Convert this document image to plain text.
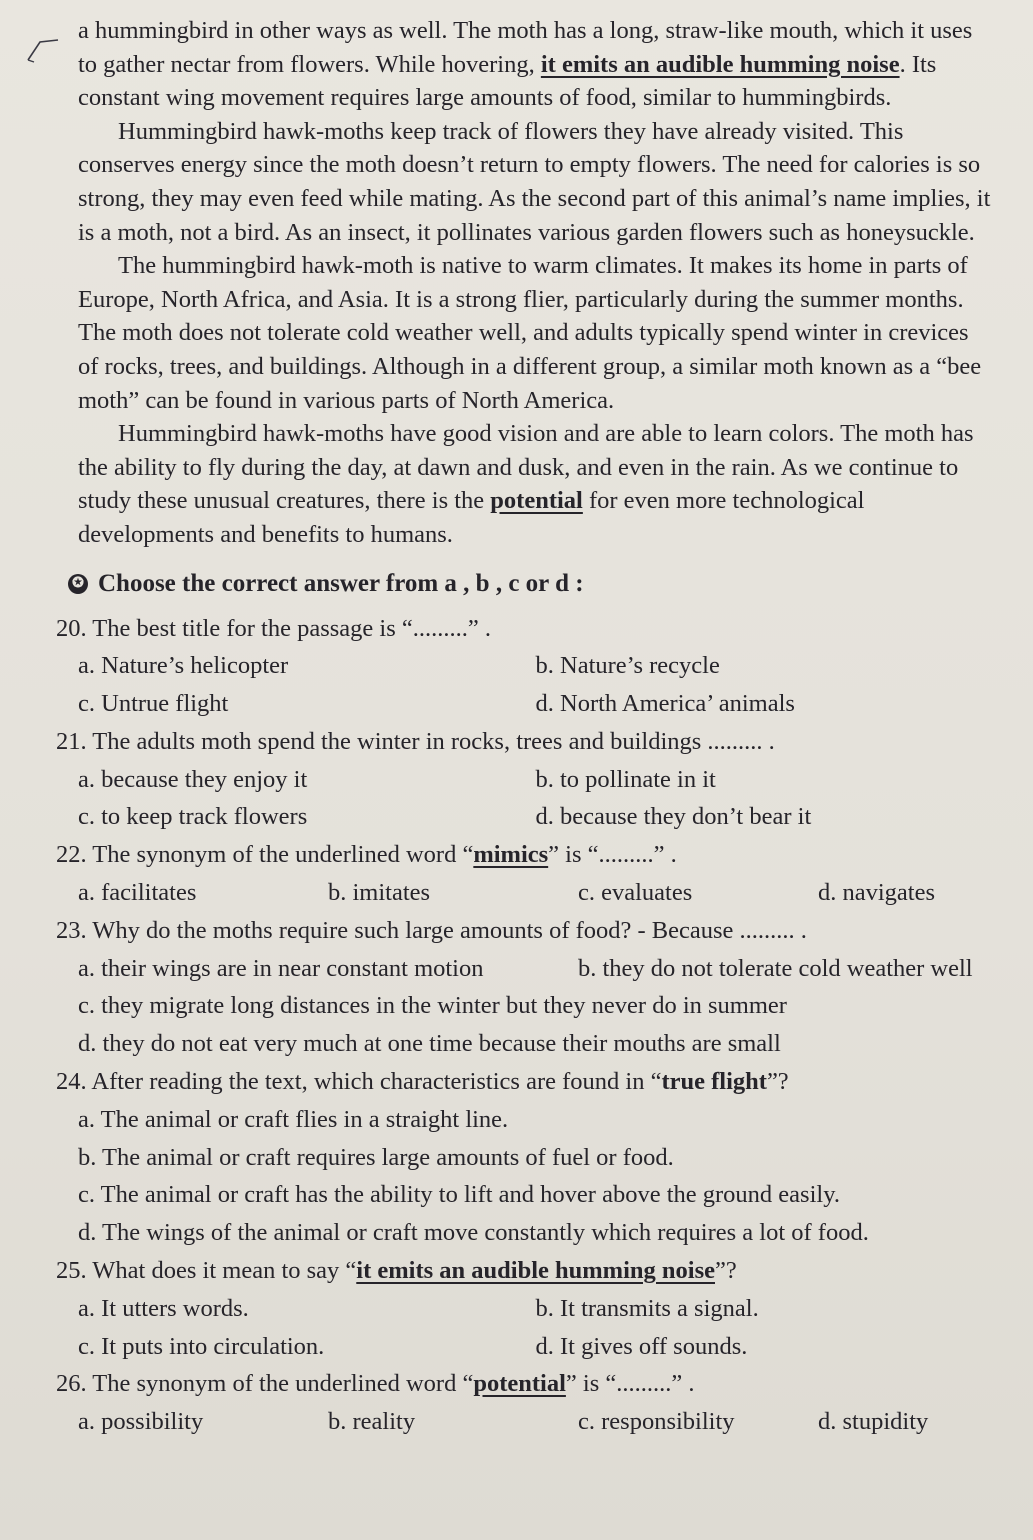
a hummingbird in other ways as well. The moth has a long, straw-like mouth, which it uses to gather nectar from flowers. While hovering, it emits an audible humming noise. Its constant wing movement requires large amounts of food, similar to hummingbirds.

Hummingbird hawk-moths keep track of flowers they have already visited. This conserves energy since the moth doesn’t return to empty flowers. The need for calories is so strong, they may even feed while mating. As the second part of this animal’s name implies, it is a moth, not a bird. As an insect, it pollinates various garden flowers such as honeysuckle.

The hummingbird hawk-moth is native to warm climates. It makes its home in parts of Europe, North Africa, and Asia. It is a strong flier, particularly during the summer months. The moth does not tolerate cold weather well, and adults typically spend winter in crevices of rocks, trees, and buildings. Although in a different group, a similar moth known as a “bee moth” can be found in various parts of North America.

Hummingbird hawk-moths have good vision and are able to learn colors. The moth has the ability to fly during the day, at dawn and dusk, and even in the rain. As we continue to study these unusual creatures, there is the potential for even more technological developments and benefits to humans.

✪ Choose the correct answer from a , b , c or d :
20. The best title for the passage is “.........” .
a. Nature’s helicopter	b. Nature’s recycle
c. Untrue flight	d. North America’ animals
21. The adults moth spend the winter in rocks, trees and buildings ......... .
a. because they enjoy it	b. to pollinate in it
c. to keep track flowers	d. because they don’t bear it
22. The synonym of the underlined word “mimics” is “.........” .
a. facilitates	b. imitates	c. evaluates	d. navigates
23. Why do the moths require such large amounts of food? - Because ......... .
a. their wings are in near constant motion	b. they do not tolerate cold weather well
c. they migrate long distances in the winter but they never do in summer
d. they do not eat very much at one time because their mouths are small
24. After reading the text, which characteristics are found in “true flight”?
a. The animal or craft flies in a straight line.
b. The animal or craft requires large amounts of fuel or food.
c. The animal or craft has the ability to lift and hover above the ground easily.
d. The wings of the animal or craft move constantly which requires a lot of food.
25. What does it mean to say “it emits an audible humming noise”?
a. It utters words.	b. It transmits a signal.
c. It puts into circulation.	d. It gives off sounds.
26. The synonym of the underlined word “potential” is “.........” .
a. possibility	b. reality	c. responsibility	d. stupidity
